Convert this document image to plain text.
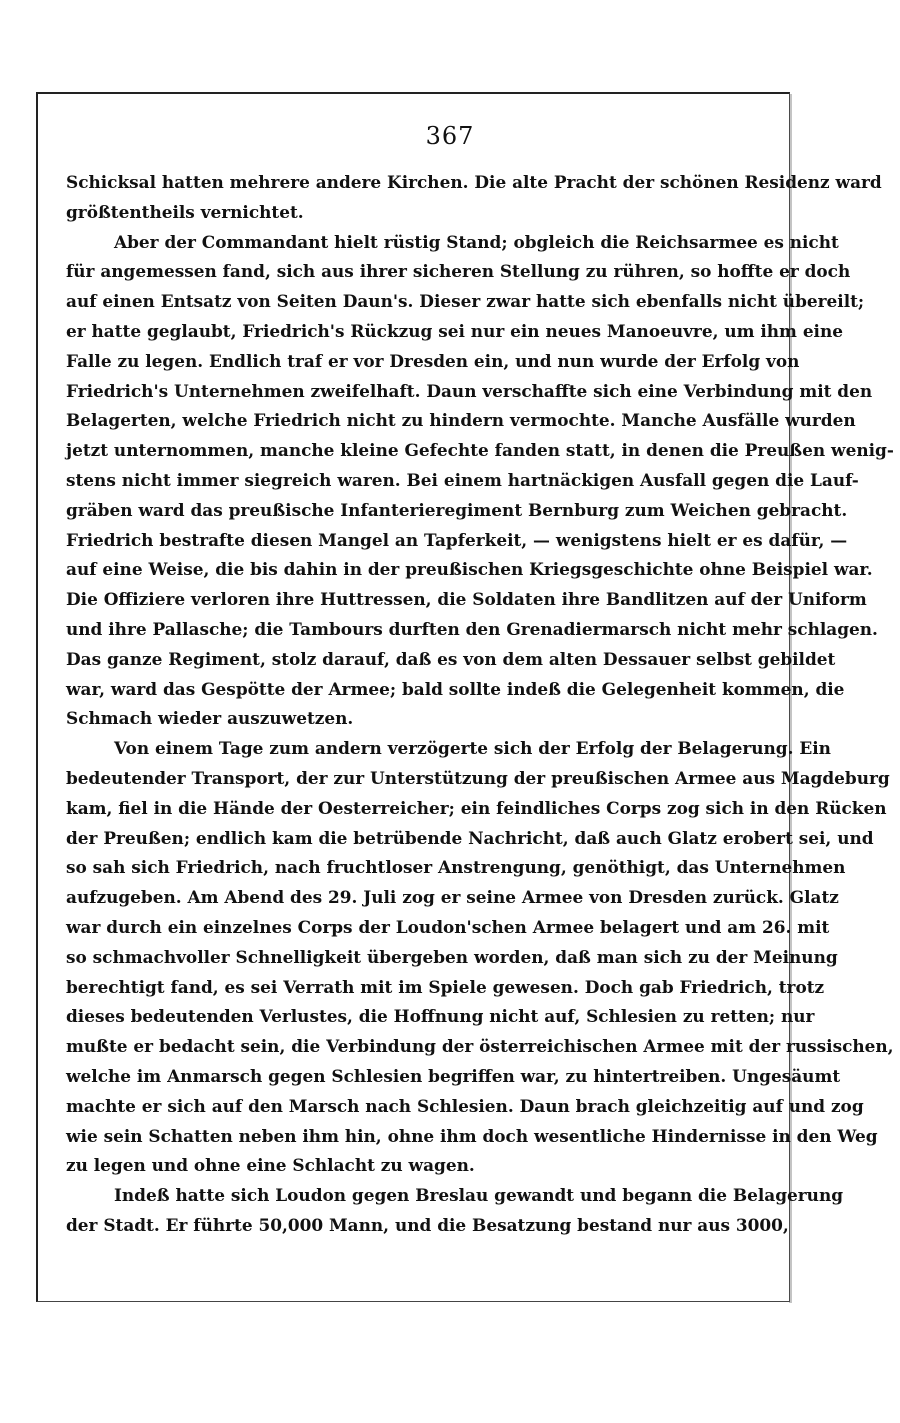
367
Schicksal hatten mehrere andere Kirchen. Die alte Pracht der schönen Residenz ward
größtentheils vernichtet.
Aber der Commandant hielt rüstig Stand; obgleich die Reichsarmee es nicht
für angemessen fand, sich aus ihrer sicheren Stellung zu rühren, so hoffte er doch
auf einen Entsatz von Seiten Daun's. Dieser zwar hatte sich ebenfalls nicht übereilt;
er hatte geglaubt, Friedrich's Rückzug sei nur ein neues Manoeuvre, um ihm eine
Falle zu legen. Endlich traf er vor Dresden ein, und nun wurde der Erfolg von
Friedrich's Unternehmen zweifelhaft. Daun verschaffte sich eine Verbindung mit den
Belagerten, welche Friedrich nicht zu hindern vermochte. Manche Ausfälle wurden
jetzt unternommen, manche kleine Gefechte fanden statt, in denen die Preußen wenig-
stens nicht immer siegreich waren. Bei einem hartnäckigen Ausfall gegen die Lauf-
gräben ward das preußische Infanterieregiment Bernburg zum Weichen gebracht.
Friedrich bestrafte diesen Mangel an Tapferkeit, — wenigstens hielt er es dafür, —
auf eine Weise, die bis dahin in der preußischen Kriegsgeschichte ohne Beispiel war.
Die Offiziere verloren ihre Huttressen, die Soldaten ihre Bandlitzen auf der Uniform
und ihre Pallasche; die Tambours durften den Grenadiermarsch nicht mehr schlagen.
Das ganze Regiment, stolz darauf, daß es von dem alten Dessauer selbst gebildet
war, ward das Gespötte der Armee; bald sollte indeß die Gelegenheit kommen, die
Schmach wieder auszuwetzen.
Von einem Tage zum andern verzögerte sich der Erfolg der Belagerung. Ein
bedeutender Transport, der zur Unterstützung der preußischen Armee aus Magdeburg
kam, fiel in die Hände der Oesterreicher; ein feindliches Corps zog sich in den Rücken
der Preußen; endlich kam die betrübende Nachricht, daß auch Glatz erobert sei, und
so sah sich Friedrich, nach fruchtloser Anstrengung, genöthigt, das Unternehmen
aufzugeben. Am Abend des 29. Juli zog er seine Armee von Dresden zurück. Glatz
war durch ein einzelnes Corps der Loudon'schen Armee belagert und am 26. mit
so schmachvoller Schnelligkeit übergeben worden, daß man sich zu der Meinung
berechtigt fand, es sei Verrath mit im Spiele gewesen. Doch gab Friedrich, trotz
dieses bedeutenden Verlustes, die Hoffnung nicht auf, Schlesien zu retten; nur
mußte er bedacht sein, die Verbindung der österreichischen Armee mit der russischen,
welche im Anmarsch gegen Schlesien begriffen war, zu hintertreiben. Ungesäumt
machte er sich auf den Marsch nach Schlesien. Daun brach gleichzeitig auf und zog
wie sein Schatten neben ihm hin, ohne ihm doch wesentliche Hindernisse in den Weg
zu legen und ohne eine Schlacht zu wagen.
Indeß hatte sich Loudon gegen Breslau gewandt und begann die Belagerung
der Stadt. Er führte 50,000 Mann, und die Besatzung bestand nur aus 3000,
